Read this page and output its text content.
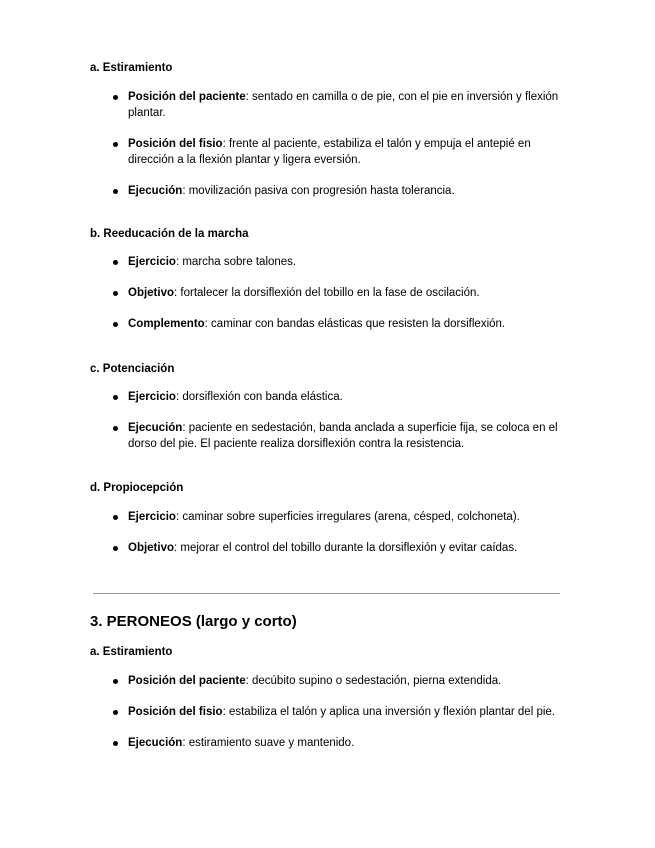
a. Estiramiento
Posición del paciente: sentado en camilla o de pie, con el pie en inversión y flexión plantar.
Posición del fisio: frente al paciente, estabiliza el talón y empuja el antepié en dirección a la flexión plantar y ligera eversión.
Ejecución: movilización pasiva con progresión hasta tolerancia.
b. Reeducación de la marcha
Ejercicio: marcha sobre talones.
Objetivo: fortalecer la dorsiflexión del tobillo en la fase de oscilación.
Complemento: caminar con bandas elásticas que resisten la dorsiflexión.
c. Potenciación
Ejercicio: dorsiflexión con banda elástica.
Ejecución: paciente en sedestación, banda anclada a superficie fija, se coloca en el dorso del pie. El paciente realiza dorsiflexión contra la resistencia.
d. Propiocepción
Ejercicio: caminar sobre superficies irregulares (arena, césped, colchoneta).
Objetivo: mejorar el control del tobillo durante la dorsiflexión y evitar caídas.
3. PERONEOS (largo y corto)
a. Estiramiento
Posición del paciente: decúbito supino o sedestación, pierna extendida.
Posición del fisio: estabiliza el talón y aplica una inversión y flexión plantar del pie.
Ejecución: estiramiento suave y mantenido.
